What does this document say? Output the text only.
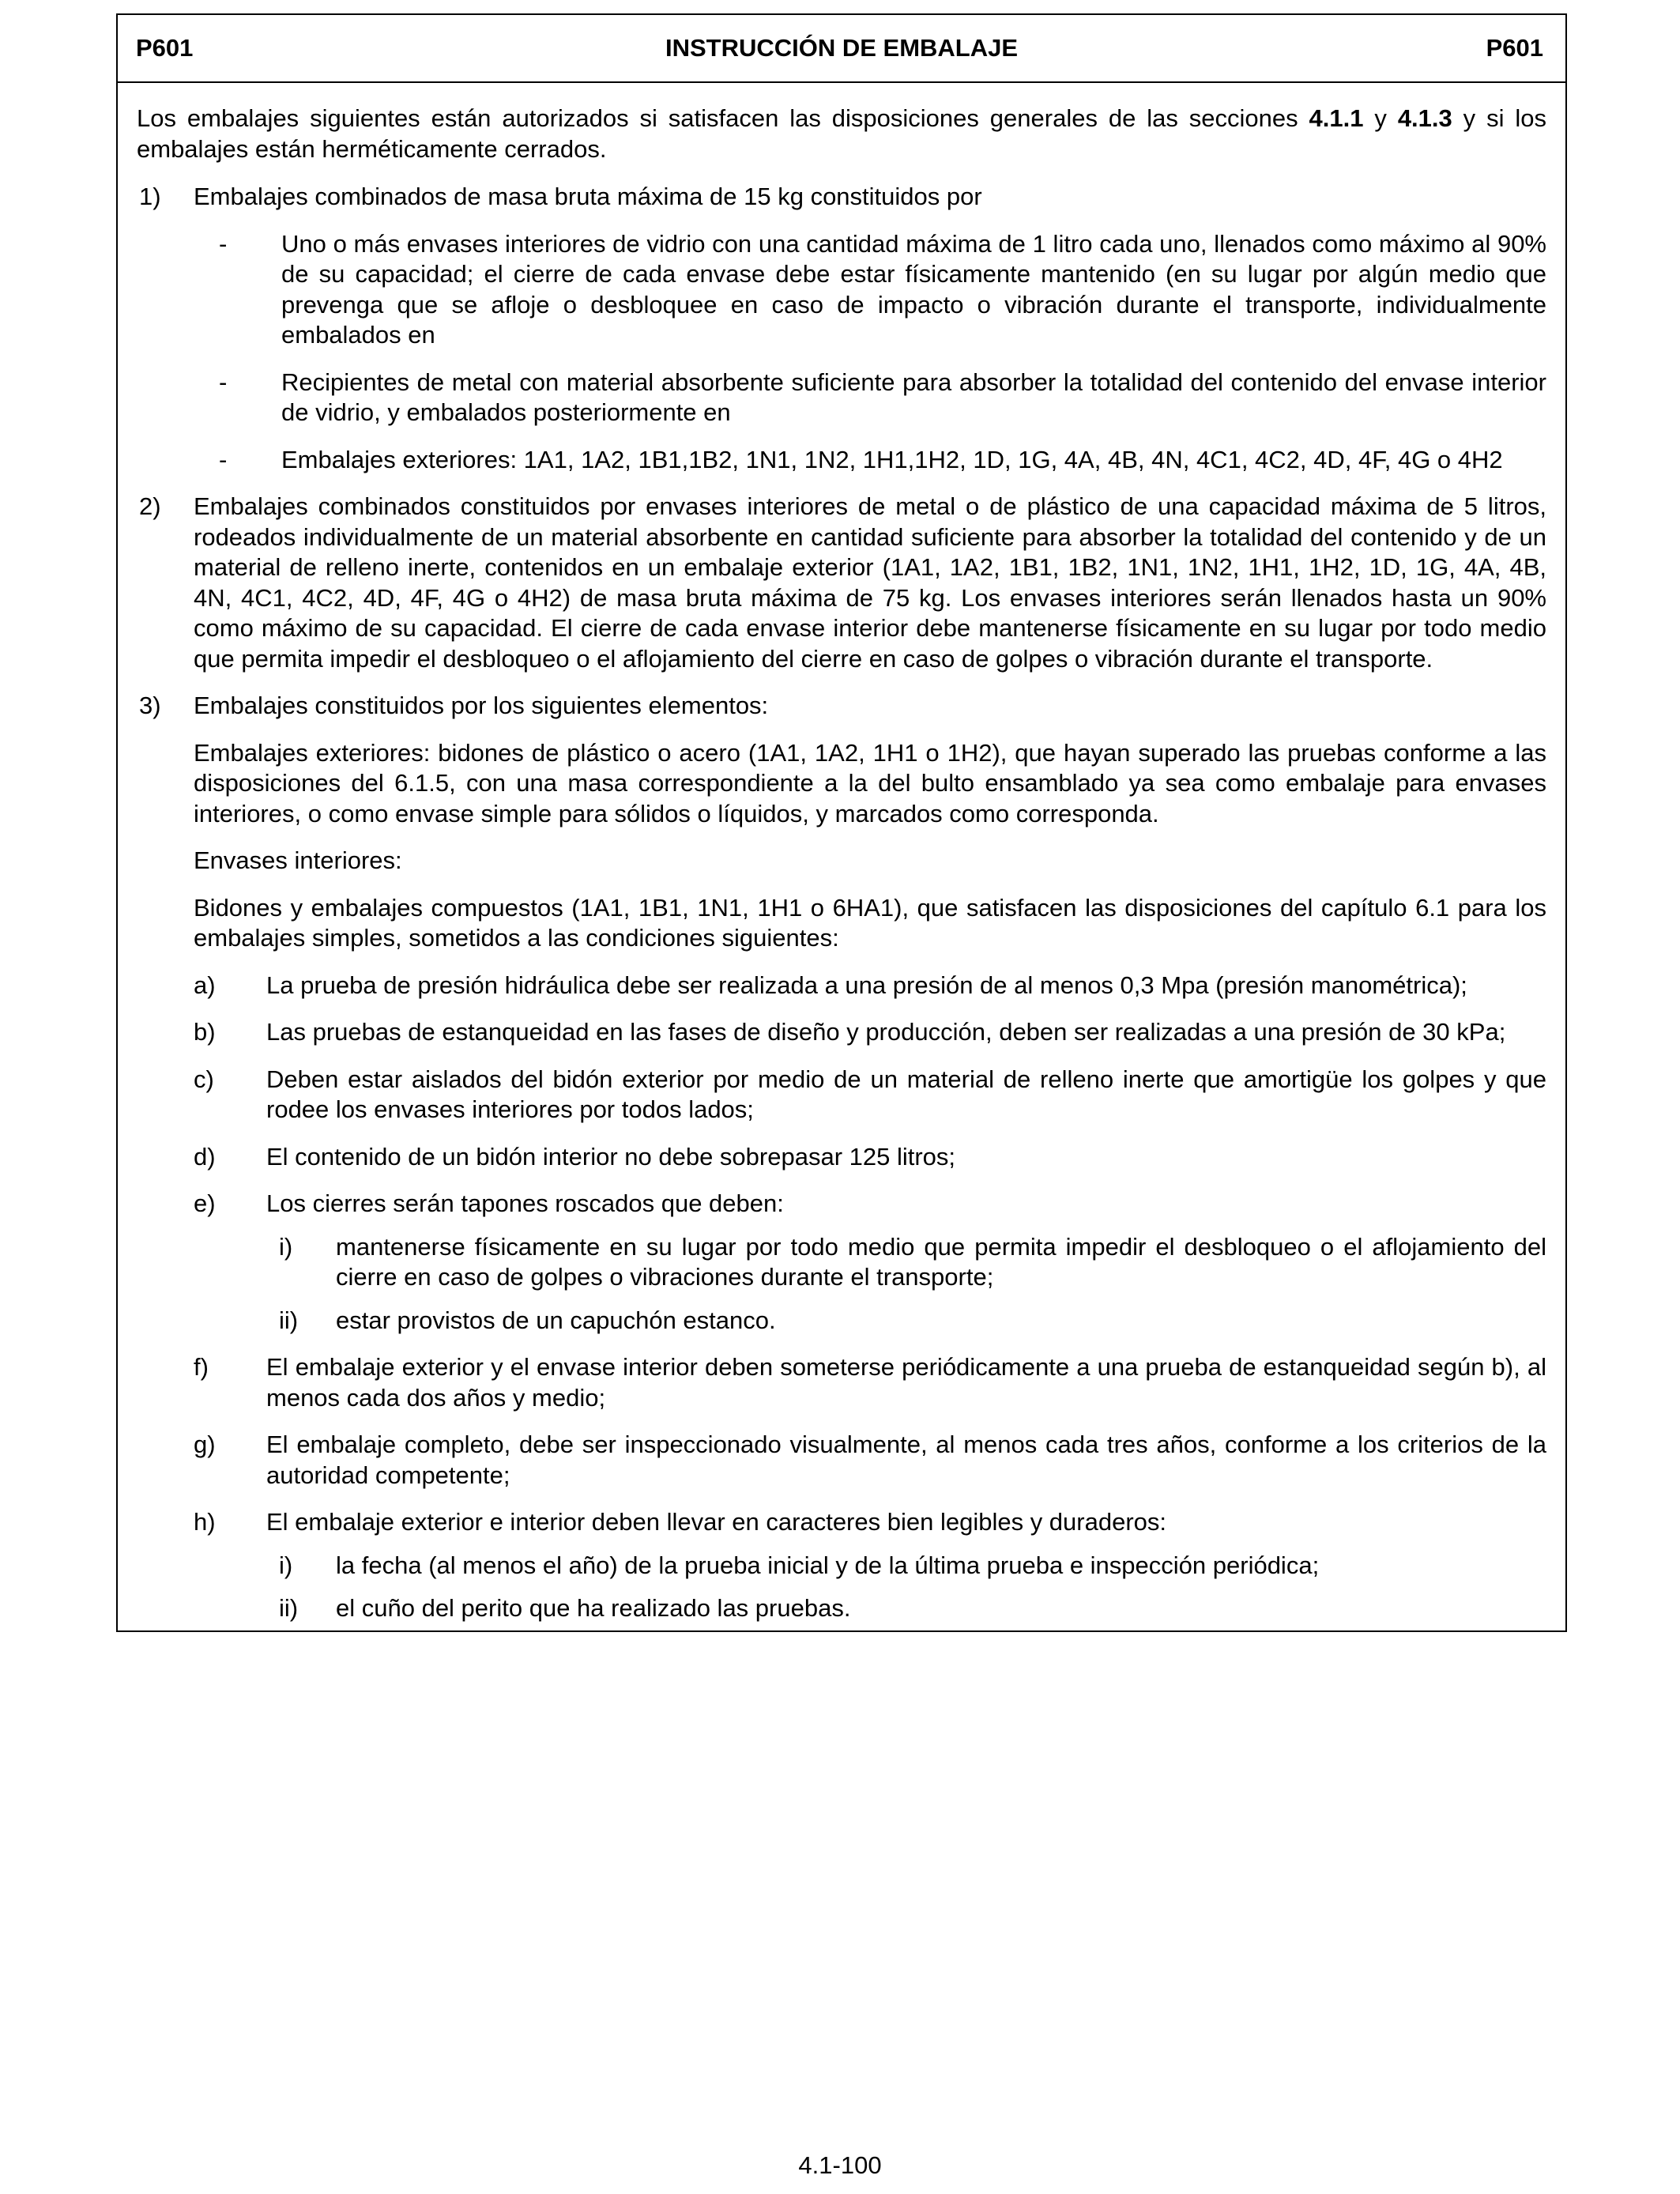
P601	INSTRUCCIÓN DE EMBALAJE	P601

Los embalajes siguientes están autorizados si satisfacen las disposiciones generales de las secciones 4.1.1 y 4.1.3 y si los embalajes están herméticamente cerrados.

1)	Embalajes combinados de masa bruta máxima de 15 kg constituidos por
-	Uno o más envases interiores de vidrio con una cantidad máxima de 1 litro cada uno, llenados como máximo al 90% de su capacidad; el cierre de cada envase debe estar físicamente mantenido (en su lugar por algún medio que prevenga que se afloje o desbloquee en caso de impacto o vibración durante el transporte, individualmente embalados en
-	Recipientes de metal con material absorbente suficiente para absorber la totalidad del contenido del envase interior de vidrio, y embalados posteriormente en
-	Embalajes exteriores: 1A1, 1A2, 1B1,1B2, 1N1, 1N2, 1H1,1H2, 1D, 1G, 4A, 4B, 4N, 4C1, 4C2, 4D, 4F, 4G o 4H2
2)	Embalajes combinados constituidos por envases interiores de metal o de plástico de una capacidad máxima de 5 litros, rodeados individualmente de un material absorbente en cantidad suficiente para absorber la totalidad del contenido y de un material de relleno inerte, contenidos en un embalaje exterior (1A1, 1A2, 1B1, 1B2, 1N1, 1N2, 1H1, 1H2, 1D, 1G, 4A, 4B, 4N, 4C1, 4C2, 4D, 4F, 4G o 4H2) de masa bruta máxima de 75 kg. Los envases interiores serán llenados hasta un 90% como máximo de su capacidad. El cierre de cada envase interior debe mantenerse físicamente en su lugar por todo medio que permita impedir el desbloqueo o el aflojamiento del cierre en caso de golpes o vibración durante el transporte.
3)	Embalajes constituidos por los siguientes elementos:

Embalajes exteriores: bidones de plástico o acero (1A1, 1A2, 1H1 o 1H2), que hayan superado las pruebas conforme a las disposiciones del 6.1.5, con una masa correspondiente a la del bulto ensamblado ya sea como embalaje para envases interiores, o como envase simple para sólidos o líquidos, y marcados como corresponda.

Envases interiores:

Bidones y embalajes compuestos (1A1, 1B1, 1N1, 1H1 o 6HA1), que satisfacen las disposiciones del capítulo 6.1 para los embalajes simples, sometidos a las condiciones siguientes:

a)	La prueba de presión hidráulica debe ser realizada a una presión de al menos 0,3 Mpa (presión manométrica);
b)	Las pruebas de estanqueidad en las fases de diseño y producción, deben ser realizadas a una presión de 30 kPa;
c)	Deben estar aislados del bidón exterior por medio de un material de relleno inerte que amortigüe los golpes y que rodee los envases interiores por todos lados;
d)	El contenido de un bidón interior no debe sobrepasar 125 litros;
e)	Los cierres serán tapones roscados que deben:
i)	mantenerse físicamente en su lugar por todo medio que permita impedir el desbloqueo o el aflojamiento del cierre en caso de golpes o vibraciones durante el transporte;
ii)	estar provistos de un capuchón estanco.
f)	El embalaje exterior y el envase interior deben someterse periódicamente a una prueba de estanqueidad según b), al menos cada dos años y medio;
g)	El embalaje completo, debe ser inspeccionado visualmente, al menos cada tres años, conforme a los criterios de la autoridad competente;
h)	El embalaje exterior e interior deben llevar en caracteres bien legibles y duraderos:
i)	la fecha (al menos el año) de la prueba inicial y de la última prueba e inspección periódica;
ii)	el cuño del perito que ha realizado las pruebas.
4.1-100
